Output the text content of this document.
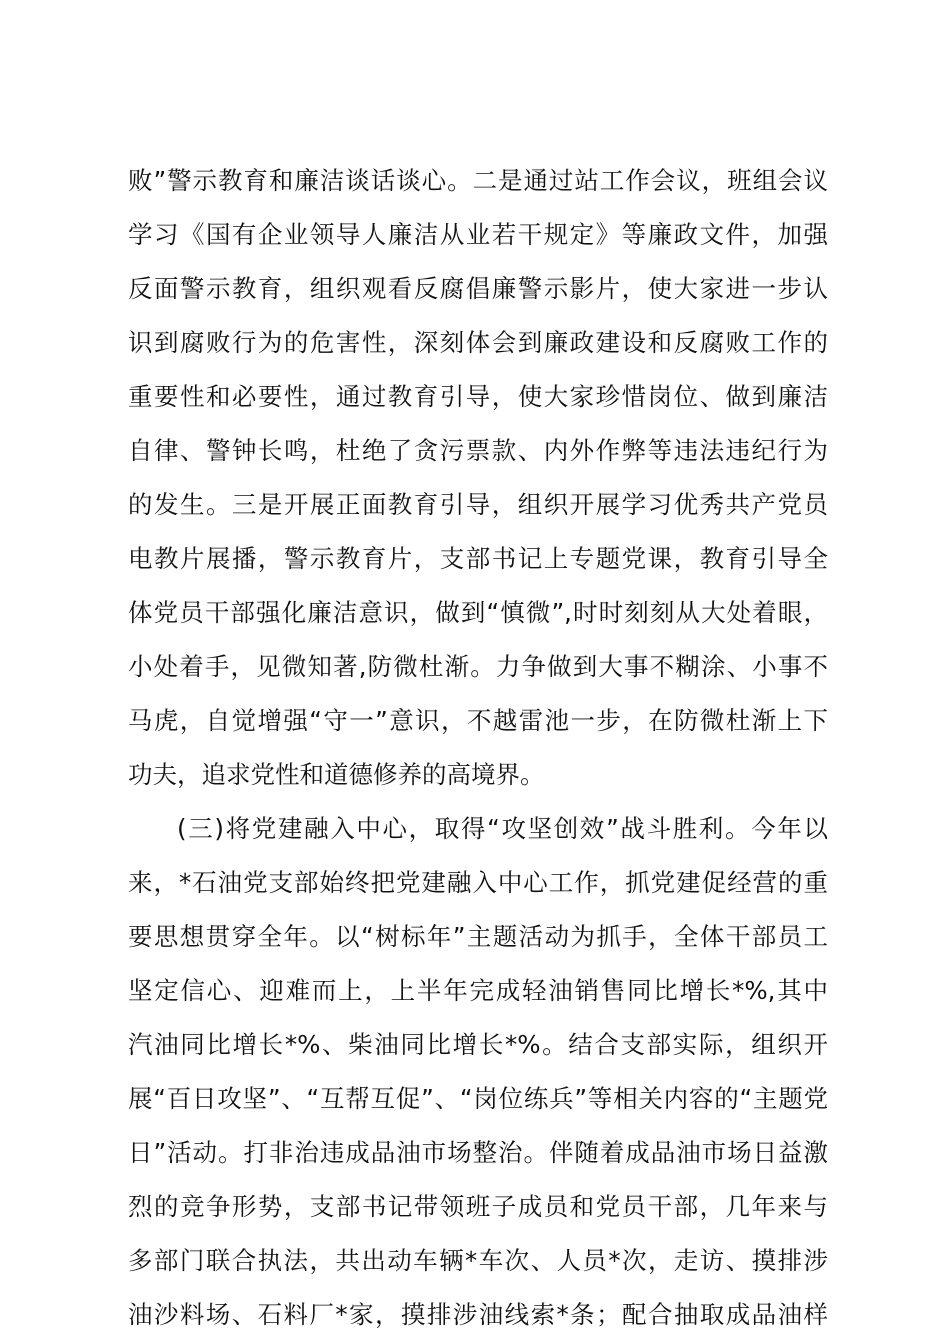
败”警示教育和廉洁谈话谈心。二是通过站工作会议，班组会议
学习《国有企业领导人廉洁从业若干规定》等廉政文件，加强
反面警示教育，组织观看反腐倡廉警示影片，使大家进一步认
识到腐败行为的危害性，深刻体会到廉政建设和反腐败工作的
重要性和必要性，通过教育引导，使大家珍惜岗位、做到廉洁
自律、警钟长鸣，杜绝了贪污票款、内外作弊等违法违纪行为
的发生。三是开展正面教育引导，组织开展学习优秀共产党员
电教片展播，警示教育片，支部书记上专题党课，教育引导全
体党员干部强化廉洁意识，做到“慎微”,时时刻刻从大处着眼，
小处着手，见微知著,防微杜渐。力争做到大事不糊涂、小事不
马虎，自觉增强“守一”意识，不越雷池一步，在防微杜渐上下
功夫，追求党性和道德修养的高境界。
(三)将党建融入中心，取得“攻坚创效”战斗胜利。今年以
来，*石油党支部始终把党建融入中心工作，抓党建促经营的重
要思想贯穿全年。以“树标年”主题活动为抓手，全体干部员工
坚定信心、迎难而上，上半年完成轻油销售同比增长*%,其中
汽油同比增长*%、柴油同比增长*%。结合支部实际，组织开
展“百日攻坚”、“互帮互促”、“岗位练兵”等相关内容的“主题党
日”活动。打非治违成品油市场整治。伴随着成品油市场日益激
烈的竞争形势，支部书记带领班子成员和党员干部，几年来与
多部门联合执法，共出动车辆*车次、人员*次，走访、摸排涉
油沙料场、石料厂*家，摸排涉油线索*条；配合抽取成品油样
